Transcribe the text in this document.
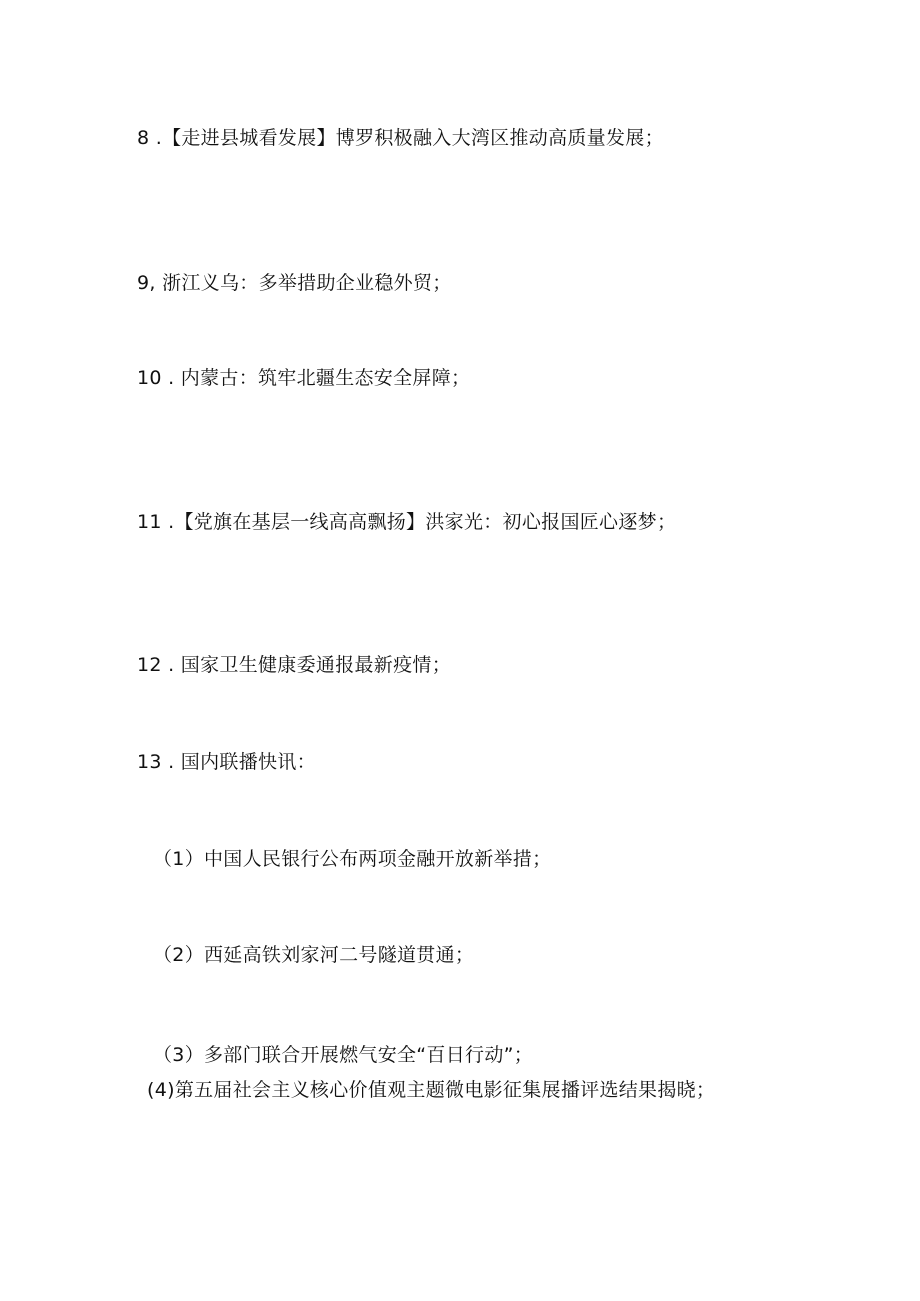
8 .【走进县城看发展】博罗积极融入大湾区推动高质量发展；
9, 浙江义乌：多举措助企业稳外贸；
10 . 内蒙古：筑牢北疆生态安全屏障；
11 .【党旗在基层一线高高飘扬】洪家光：初心报国匠心逐梦；
12 . 国家卫生健康委通报最新疫情；
13 . 国内联播快讯：
（1）中国人民银行公布两项金融开放新举措；
（2）西延高铁刘家河二号隧道贯通；
（3）多部门联合开展燃气安全“百日行动”；
(4)第五届社会主义核心价值观主题微电影征集展播评选结果揭晓；
